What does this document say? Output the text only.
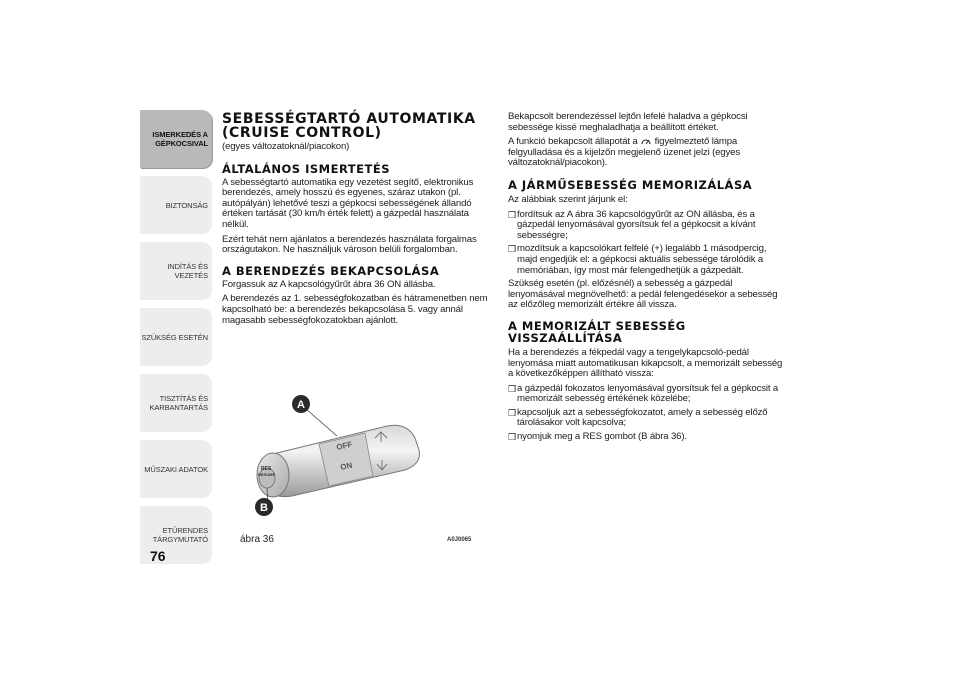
ISMERKEDÉS A
GÉPKOCSIVAL
BIZTONSÁG
INDÍTÁS ÉS VEZETÉS
SZÜKSÉG ESETÉN
TISZTÍTÁS ÉS
KARBANTARTÁS
MŰSZAKI ADATOK
ETŰRENDES
TÁRGYMUTATÓ
76
SEBESSÉGTARTÓ AUTOMATIKA
(CRUISE CONTROL)

(egyes változatoknál/piacokon)

ÁLTALÁNOS ISMERTETÉS

A sebességtartó automatika egy vezetést segítő, elektronikus berendezés, amely hosszú és egyenes, száraz utakon (pl. autópályán) lehetővé teszi a gépkocsi sebességének állandó értéken tartását (30 km/h érték felett) a gázpedál használata nélkül.

Ezért tehát nem ajánlatos a berendezés használata forgalmas országutakon. Ne használjuk városon belüli forgalomban.

A BERENDEZÉS BEKAPCSOLÁSA

Forgassuk az A kapcsológyűrűt ábra 36 ON állásba.

A berendezés az 1. sebességfokozatban és hátramenetben nem kapcsolható be: a berendezés bekapcsolása 5. vagy annál magasabb sebességfokozatokban ajánlott.

RES
RESUME
OFF
ON
A
B
ábra 36	A0J0065

Bekapcsolt berendezéssel lejtőn lefelé haladva a gépkocsi sebessége kissé meghaladhatja a beállított értéket.

A funkció bekapcsolt állapotát a figyelmeztető lámpa felgyulladása és a kijelzőn megjelenő üzenet jelzi (egyes változatoknál/piacokon).

A JÁRMŰSEBESSÉG MEMORIZÁLÁSA

Az alábbiak szerint járjunk el:

❒ fordítsuk az A ábra 36 kapcsológyűrűt az ON állásba, és a gázpedál lenyomásával gyorsítsuk fel a gépkocsit a kívánt sebességre;
❒ mozdítsuk a kapcsolókart felfelé (+) legalább 1 másodpercig, majd engedjük el: a gépkocsi aktuális sebessége tárolódik a memóriában, így most már felengedhetjük a gázpedált.

Szükség esetén (pl. előzésnél) a sebesség a gázpedál lenyomásával megnövelhető: a pedál felengedésekor a sebesség az előzőleg memorizált értékre áll vissza.

A MEMORIZÁLT SEBESSÉG
VISSZAÁLLÍTÁSA

Ha a berendezés a fékpedál vagy a tengelykapcsoló-pedál lenyomása miatt automatikusan kikapcsolt, a memorizált sebesség a következőképpen állítható vissza:

❒ a gázpedál fokozatos lenyomásával gyorsítsuk fel a gépkocsit a memorizált sebesség értékének közelébe;
❒ kapcsoljuk azt a sebességfokozatot, amely a sebesség előző tárolásakor volt kapcsolva;
❒ nyomjuk meg a RES gombot (B ábra 36).
